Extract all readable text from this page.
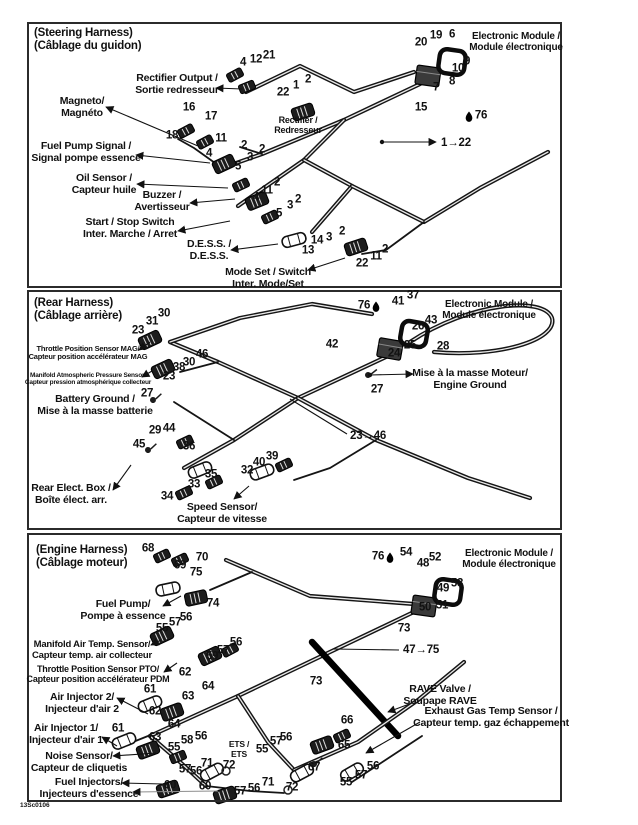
(Steering Harness)
(Câblage du guidon)
Rectifier Output /
Sortie redresseur
Magneto/
Magnéto
Fuel Pump Signal /
Signal pompe essence
Oil Sensor /
Capteur huile Buzzer /
Avertisseur
Start / Stop Switch
Inter. Marche / Arret
D.E.S.S. /
D.E.S.S.
Mode Set / Switch
Inter. Mode/Set
Electronic Module /
Module électronique
Rectifier /
Redresseur
1→22
4 12 21
22
1 2
16
17
18	11
2
4	3
2
5
2
11
4
3 2
5
14 3 2
13
22
11
2
20
19 6
9
10
8
7
15
76
(Rear Harness)
(Câblage arrière)
Throttle Position Sensor MAG/
Capteur position accélérateur MAG
Manifold Atmospheric Pressure Sensor/
Capteur pression atmosphérique collecteur
Battery Ground /
Mise à la masse batterie
Electronic Module /
Module électronique
Mise à la masse Moteur/
Engine Ground
23→46
Rear Elect. Box /
Boîte élect. arr.
Speed Sensor/
Capteur de vitesse
30
31
23
46
30
38
23
27
76 41 37
43
26
25
24
28
42
27
29 44
45	36
35
33
34
32
40 39
(Engine Harness)
(Câblage moteur)
Fuel Pump/
Pompe à essence
Manifold Air Temp. Sensor/
Capteur temp. air collecteur
Throttle Position Sensor PTO/
Capteur position accélérateur PDM
Air Injector 2/
Injecteur d'air 2
Air Injector 1/
Injecteur d'air 1
Noise Sensor/
Capteur de cliquetis
Fuel Injectors/
Injecteurs d'essence
Electronic Module /
Module électronique
RAVE Valve /
Soupape RAVE
Exhaust Gas Temp Sensor /
Capteur temp. gaz échappement
ETS /
ETS
47→75
68
70
69
75
74
56
57
55
56
57
59
76 54 52
48
53
49
50 51
73
62
64
61
63
62
64
61
63 58 56
55	57
56
55
73
66
65
67	56
57
55
71 72
57
56
60 60 57 56 71 72
13Sc0106
